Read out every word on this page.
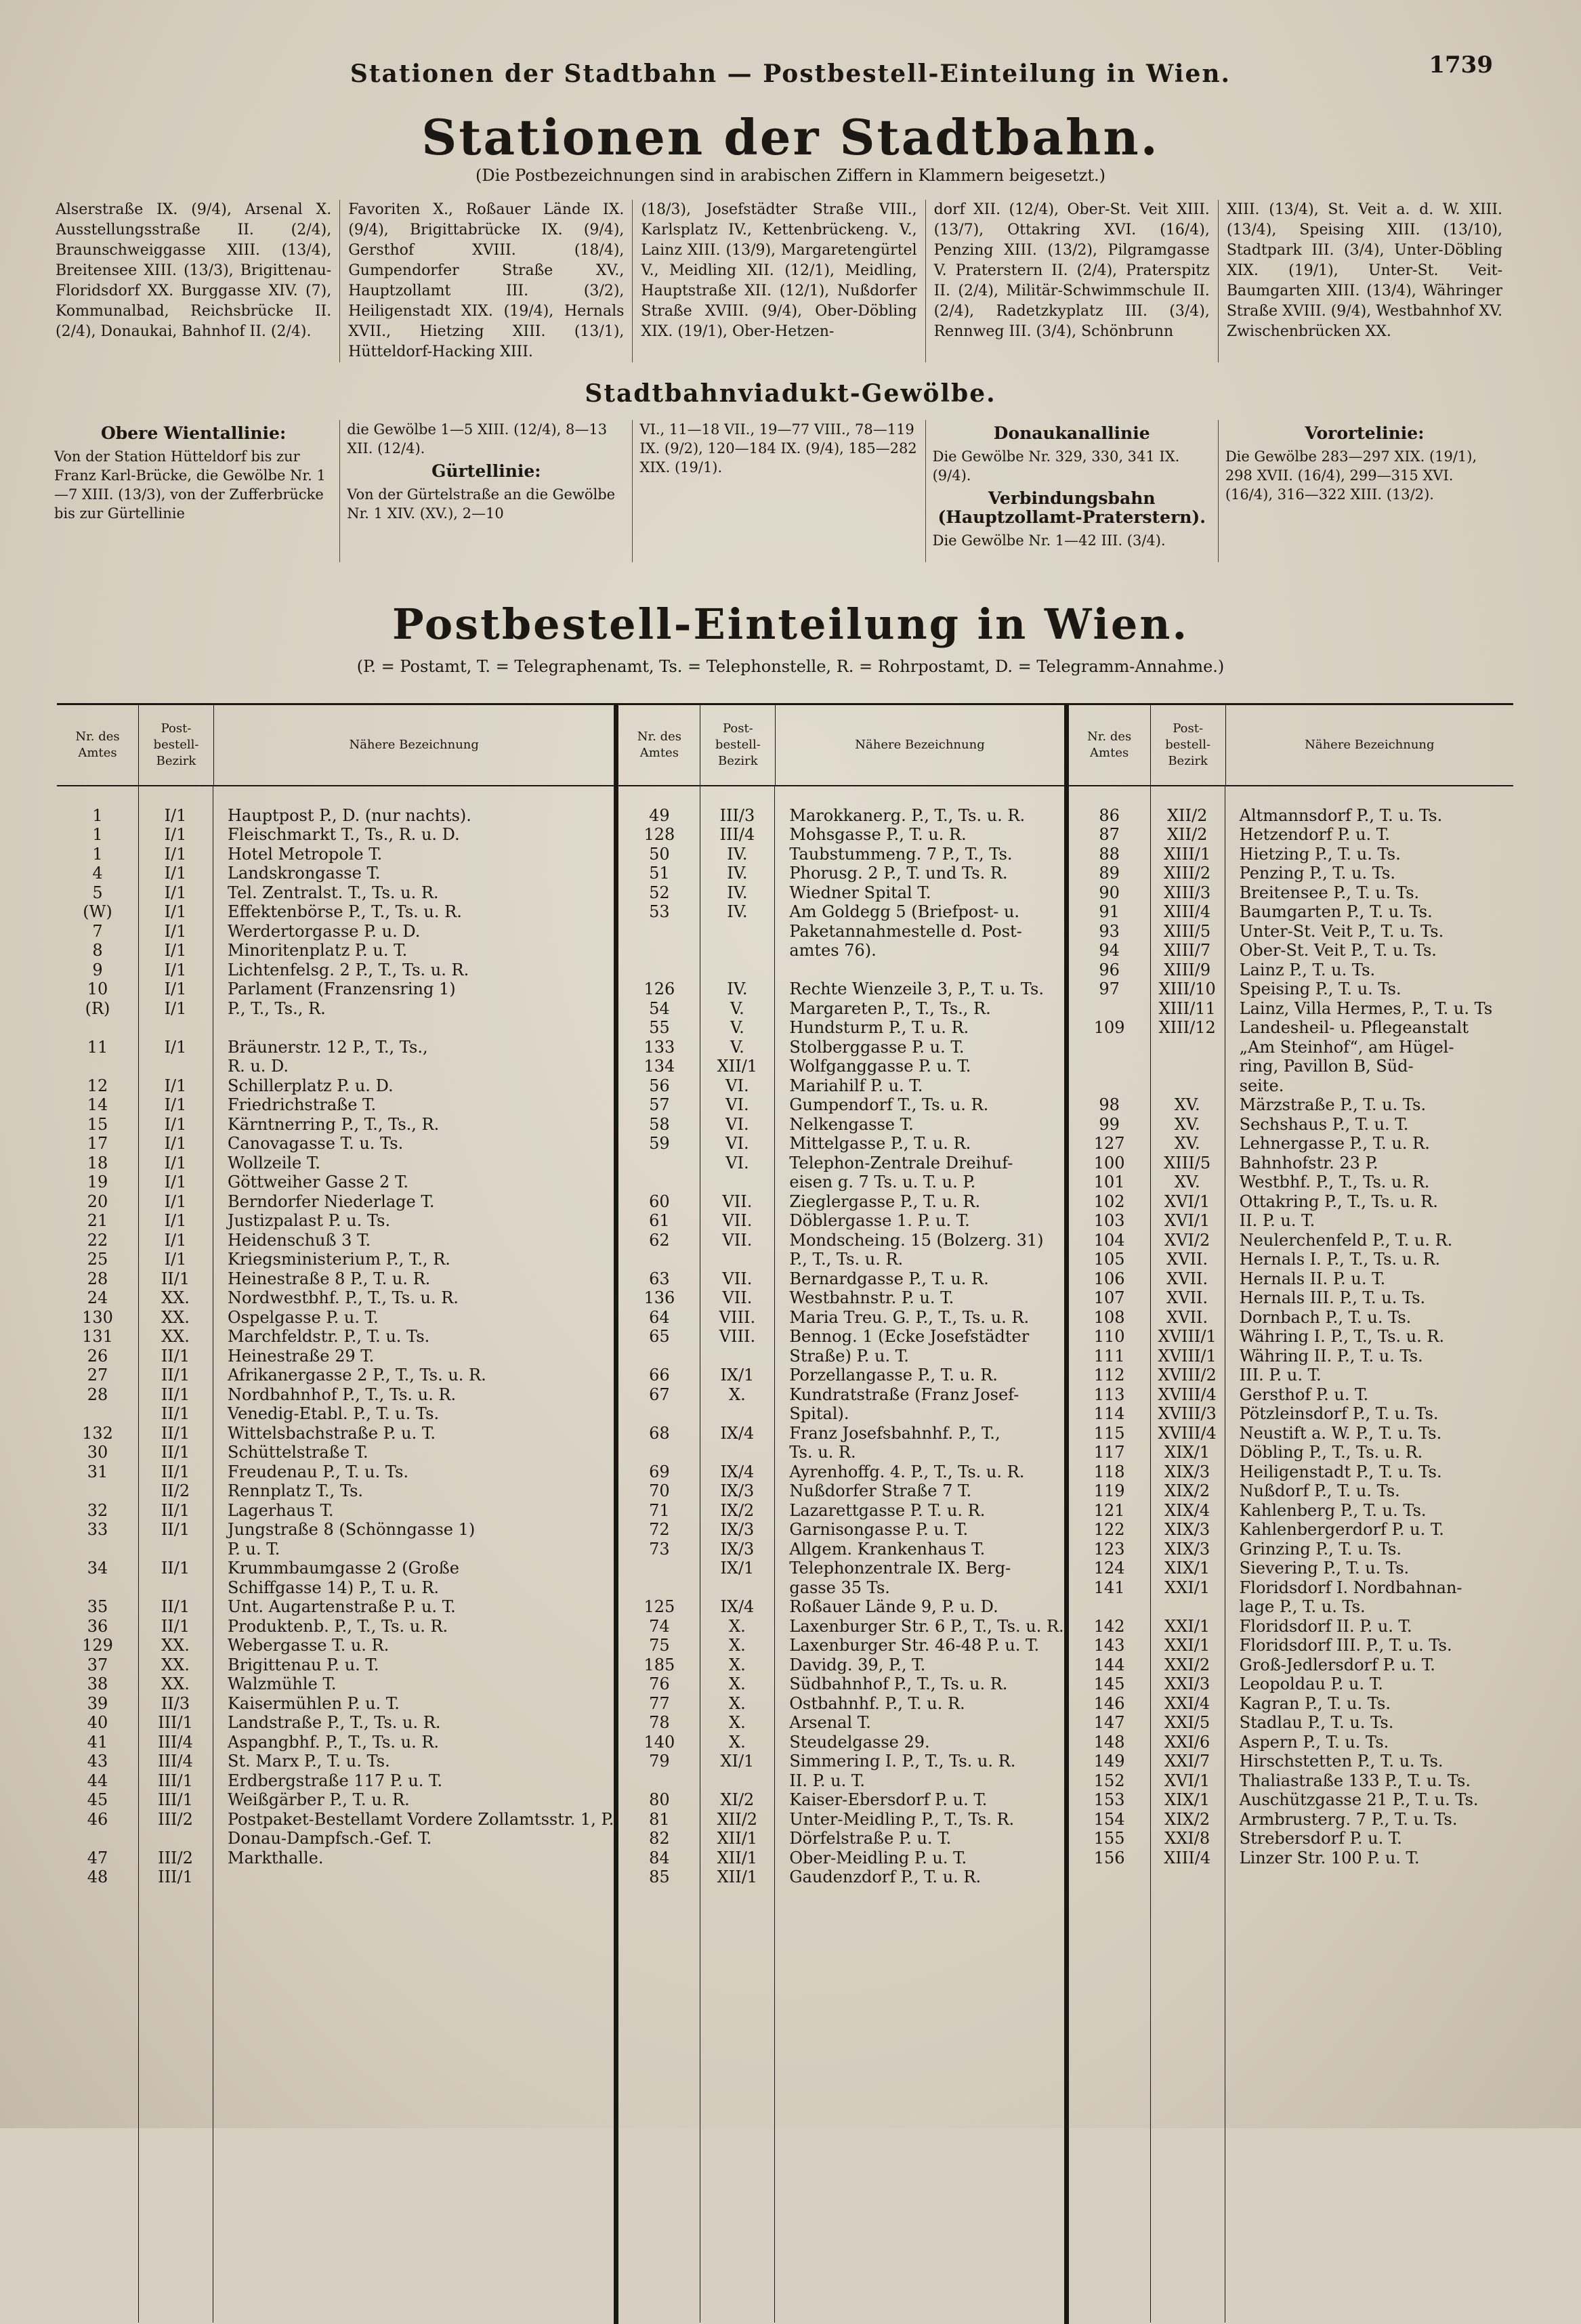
Stationen der Stadtbahn — Postbestell-Einteilung in Wien.	1739
Stationen der Stadtbahn.
(Die Postbezeichnungen sind in arabischen Ziffern in Klammern beigesetzt.)
Alserstraße IX. (9/4), Arsenal X. Ausstellungsstraße II. (2/4), Braunschweiggasse XIII. (13/4), Breitensee XIII. (13/3), Brigittenau-Floridsdorf XX. Burggasse XIV. (7), Kommunalbad, Reichsbrücke II. (2/4), Donaukai, Bahnhof II. (2/4).
Favoriten X., Roßauer Lände IX. (9/4), Brigittabrücke IX. (9/4), Gersthof XVIII. (18/4), Gumpendorfer Straße XV., Hauptzollamt III. (3/2), Heiligenstadt XIX. (19/4), Hernals XVII., Hietzing XIII. (13/1), Hütteldorf-Hacking XIII.
(18/3), Josefstädter Straße VIII., Karlsplatz IV., Kettenbrückeng. V., Lainz XIII. (13/9), Margaretengürtel V., Meidling XII. (12/1), Meidling, Hauptstraße XII. (12/1), Nußdorfer Straße XVIII. (9/4), Ober-Döbling XIX. (19/1), Ober-Hetzen-
dorf XII. (12/4), Ober-St. Veit XIII. (13/7), Ottakring XVI. (16/4), Penzing XIII. (13/2), Pilgramgasse V. Praterstern II. (2/4), Praterspitz II. (2/4), Militär-Schwimmschule II. (2/4), Radetzkyplatz III. (3/4), Rennweg III. (3/4), Schönbrunn
XIII. (13/4), St. Veit a. d. W. XIII. (13/4), Speising XIII. (13/10), Stadtpark III. (3/4), Unter-Döbling XIX. (19/1), Unter-St. Veit-Baumgarten XIII. (13/4), Währinger Straße XVIII. (9/4), Westbahnhof XV. Zwischenbrücken XX.
Stadtbahnviadukt-Gewölbe.
Obere Wientallinie:
Von der Station Hütteldorf bis zur Franz Karl-Brücke, die Gewölbe Nr. 1—7 XIII. (13/3), von der Zufferbrücke bis zur Gürtellinie
die Gewölbe 1—5 XIII. (12/4), 8—13 XII. (12/4).
Gürtellinie:
Von der Gürtelstraße an die Gewölbe Nr. 1 XIV. (XV.), 2—10
VI., 11—18 VII., 19—77 VIII., 78—119 IX. (9/2), 120—184 IX. (9/4), 185—282 XIX. (19/1).
Donaukanallinie
Die Gewölbe Nr. 329, 330, 341 IX. (9/4).
Verbindungsbahn (Hauptzollamt-Praterstern).
Die Gewölbe Nr. 1—42 III. (3/4).
Vorortelinie:
Die Gewölbe 283—297 XIX. (19/1), 298 XVII. (16/4), 299—315 XVI. (16/4), 316—322 XIII. (13/2).
Postbestell-Einteilung in Wien.
(P. = Postamt, T. = Telegraphenamt, Ts. = Telephonstelle, R. = Rohrpostamt, D. = Telegramm-Annahme.)
Nr. des Amtes
Post-bestell-Bezirk
Nähere Bezeichnung

1	I/1	Hauptpost P., D. (nur nachts).
1	I/1	Fleischmarkt T., Ts., R. u. D.
1	I/1	Hotel Metropole T.
4	I/1	Landskrongasse T.
5	I/1	Tel. Zentralst. T., Ts. u. R.
(W)	I/1	Effektenbörse P., T., Ts. u. R.
7	I/1	Werdertorgasse P. u. D.
8	I/1	Minoritenplatz P. u. T.
9	I/1	Lichtenfelsg. 2 P., T., Ts. u. R.
10	I/1	Parlament (Franzensring 1)
(R)	I/1	P., T., Ts., R.

11	I/1	Bräunerstr. 12 P., T., Ts.,

R. u. D.
12	I/1	Schillerplatz P. u. D.
14	I/1	Friedrichstraße T.
15	I/1	Kärntnerring P., T., Ts., R.
17	I/1	Canovagasse T. u. Ts.
18	I/1	Wollzeile T.
19	I/1	Göttweiher Gasse 2 T.
20	I/1	Berndorfer Niederlage T.
21	I/1	Justizpalast P. u. Ts.
22	I/1	Heidenschuß 3 T.
25	I/1	Kriegsministerium P., T., R.
28	II/1	Heinestraße 8 P., T. u. R.
24	XX.	Nordwestbhf. P., T., Ts. u. R.
130	XX.	Ospelgasse P. u. T.
131	XX.	Marchfeldstr. P., T. u. Ts.
26	II/1	Heinestraße 29 T.
27	II/1	Afrikanergasse 2 P., T., Ts. u. R.
28	II/1	Nordbahnhof P., T., Ts. u. R.

II/1	Venedig-Etabl. P., T. u. Ts.
132	II/1	Wittelsbachstraße P. u. T.
30	II/1	Schüttelstraße T.
31	II/1	Freudenau P., T. u. Ts.

II/2	Rennplatz T., Ts.
32	II/1	Lagerhaus T.
33	II/1	Jungstraße 8 (Schönngasse 1)

P. u. T.
34	II/1	Krummbaumgasse 2 (Große

Schiffgasse 14) P., T. u. R.
35	II/1	Unt. Augartenstraße P. u. T.
36	II/1	Produktenb. P., T., Ts. u. R.
129	XX.	Webergasse T. u. R.
37	XX.	Brigittenau P. u. T.
38	XX.	Walzmühle T.
39	II/3	Kaisermühlen P. u. T.
40	III/1	Landstraße P., T., Ts. u. R.
41	III/4	Aspangbhf. P., T., Ts. u. R.
43	III/4	St. Marx P., T. u. Ts.
44	III/1	Erdbergstraße 117 P. u. T.
45	III/1	Weißgärber P., T. u. R.
46	III/2	Postpaket-Bestellamt Vordere Zollamtsstr. 1, P.

Donau-Dampfsch.-Gef. T.
47	III/2	Markthalle.
48	III/1

Nr. des Amtes
Post-bestell-Bezirk
Nähere Bezeichnung

49	III/3	Marokkanerg. P., T., Ts. u. R.
128	III/4	Mohsgasse P., T. u. R.
50	IV.	Taubstummeng. 7 P., T., Ts.
51	IV.	Phorusg. 2 P., T. und Ts. R.
52	IV.	Wiedner Spital T.
53	IV.	Am Goldegg 5 (Briefpost- u.

Paketannahmestelle d. Post-

amtes 76).

126	IV.	Rechte Wienzeile 3, P., T. u. Ts.
54	V.	Margareten P., T., Ts., R.
55	V.	Hundsturm P., T. u. R.
133	V.	Stolberggasse P. u. T.
134	XII/1	Wolfganggasse P. u. T.
56	VI.	Mariahilf P. u. T.
57	VI.	Gumpendorf T., Ts. u. R.
58	VI.	Nelkengasse T.
59	VI.	Mittelgasse P., T. u. R.

VI.	Telephon-Zentrale Dreihuf-

eisen g. 7 Ts. u. T. u. P.
60	VII.	Zieglergasse P., T. u. R.
61	VII.	Döblergasse 1. P. u. T.
62	VII.	Mondscheing. 15 (Bolzerg. 31)

P., T., Ts. u. R.
63	VII.	Bernardgasse P., T. u. R.
136	VII.	Westbahnstr. P. u. T.
64	VIII.	Maria Treu. G. P., T., Ts. u. R.
65	VIII.	Bennog. 1 (Ecke Josefstädter

Straße) P. u. T.
66	IX/1	Porzellangasse P., T. u. R.
67	X.	Kundratstraße (Franz Josef-

Spital).
68	IX/4	Franz Josefsbahnhf. P., T.,

Ts. u. R.
69	IX/4	Ayrenhoffg. 4. P., T., Ts. u. R.
70	IX/3	Nußdorfer Straße 7 T.
71	IX/2	Lazarettgasse P. T. u. R.
72	IX/3	Garnisongasse P. u. T.
73	IX/3	Allgem. Krankenhaus T.

IX/1	Telephonzentrale IX. Berg-

gasse 35 Ts.
125	IX/4	Roßauer Lände 9, P. u. D.
74	X.	Laxenburger Str. 6 P., T., Ts. u. R.
75	X.	Laxenburger Str. 46-48 P. u. T.
185	X.	Davidg. 39, P., T.
76	X.	Südbahnhof P., T., Ts. u. R.
77	X.	Ostbahnhf. P., T. u. R.
78	X.	Arsenal T.
140	X.	Steudelgasse 29.
79	XI/1	Simmering I. P., T., Ts. u. R.

II. P. u. T.
80	XI/2	Kaiser-Ebersdorf P. u. T.
81	XII/2	Unter-Meidling P., T., Ts. R.
82	XII/1	Dörfelstraße P. u. T.
84	XII/1	Ober-Meidling P. u. T.
85	XII/1	Gaudenzdorf P., T. u. R.
Nr. des Amtes
Post-bestell-Bezirk
Nähere Bezeichnung

86	XII/2	Altmannsdorf P., T. u. Ts.
87	XII/2	Hetzendorf P. u. T.
88	XIII/1	Hietzing P., T. u. Ts.
89	XIII/2	Penzing P., T. u. Ts.
90	XIII/3	Breitensee P., T. u. Ts.
91	XIII/4	Baumgarten P., T. u. Ts.
93	XIII/5	Unter-St. Veit P., T. u. Ts.
94	XIII/7	Ober-St. Veit P., T. u. Ts.
96	XIII/9	Lainz P., T. u. Ts.
97	XIII/10	Speising P., T. u. Ts.

XIII/11	Lainz, Villa Hermes, P., T. u. Ts
109	XIII/12	Landesheil- u. Pflegeanstalt

„Am Steinhof“, am Hügel-

ring, Pavillon B, Süd-

seite.
98	XV.	Märzstraße P., T. u. Ts.
99	XV.	Sechshaus P., T. u. T.
127	XV.	Lehnergasse P., T. u. R.
100	XIII/5	Bahnhofstr. 23 P.
101	XV.	Westbhf. P., T., Ts. u. R.
102	XVI/1	Ottakring P., T., Ts. u. R.
103	XVI/1	II. P. u. T.
104	XVI/2	Neulerchenfeld P., T. u. R.
105	XVII.	Hernals I. P., T., Ts. u. R.
106	XVII.	Hernals II. P. u. T.
107	XVII.	Hernals III. P., T. u. Ts.
108	XVII.	Dornbach P., T. u. Ts.
110	XVIII/1	Währing I. P., T., Ts. u. R.
111	XVIII/1	Währing II. P., T. u. Ts.
112	XVIII/2	III. P. u. T.
113	XVIII/4	Gersthof P. u. T.
114	XVIII/3	Pötzleinsdorf P., T. u. Ts.
115	XVIII/4	Neustift a. W. P., T. u. Ts.
117	XIX/1	Döbling P., T., Ts. u. R.
118	XIX/3	Heiligenstadt P., T. u. Ts.
119	XIX/2	Nußdorf P., T. u. Ts.
121	XIX/4	Kahlenberg P., T. u. Ts.
122	XIX/3	Kahlenbergerdorf P. u. T.
123	XIX/3	Grinzing P., T. u. Ts.
124	XIX/1	Sievering P., T. u. Ts.
141	XXI/1	Floridsdorf I. Nordbahnan-

lage P., T. u. Ts.
142	XXI/1	Floridsdorf II. P. u. T.
143	XXI/1	Floridsdorf III. P., T. u. Ts.
144	XXI/2	Groß-Jedlersdorf P. u. T.
145	XXI/3	Leopoldau P. u. T.
146	XXI/4	Kagran P., T. u. Ts.
147	XXI/5	Stadlau P., T. u. Ts.
148	XXI/6	Aspern P., T. u. Ts.
149	XXI/7	Hirschstetten P., T. u. Ts.
152	XVI/1	Thaliastraße 133 P., T. u. Ts.
153	XIX/1	Auschützgasse 21 P., T. u. Ts.
154	XIX/2	Armbrusterg. 7 P., T. u. Ts.
155	XXI/8	Strebersdorf P. u. T.
156	XIII/4	Linzer Str. 100 P. u. T.
